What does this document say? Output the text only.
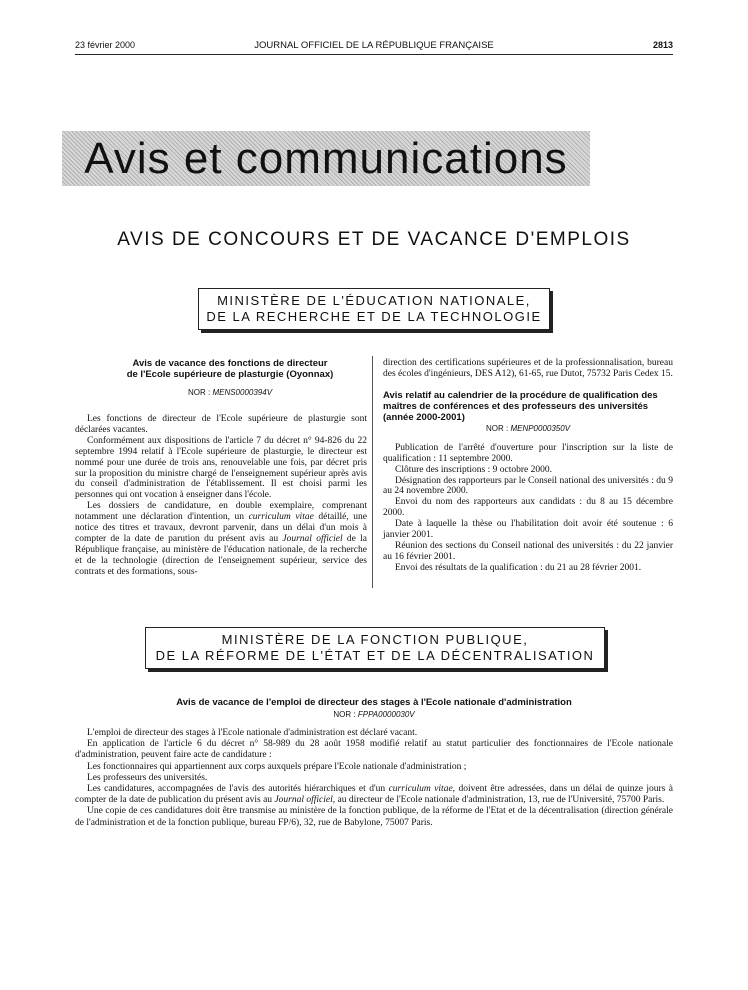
23 février 2000	JOURNAL OFFICIEL DE LA RÉPUBLIQUE FRANÇAISE	2813
Avis et communications
AVIS DE CONCOURS ET DE VACANCE D'EMPLOIS
MINISTÈRE DE L'ÉDUCATION NATIONALE,
DE LA RECHERCHE ET DE LA TECHNOLOGIE
Avis de vacance des fonctions de directeur
de l'Ecole supérieure de plasturgie (Oyonnax)
NOR : MENS0000394V

Les fonctions de directeur de l'Ecole supérieure de plasturgie sont déclarées vacantes.

Conformément aux dispositions de l'article 7 du décret n° 94-826 du 22 septembre 1994 relatif à l'Ecole supérieure de plasturgie, le directeur est nommé pour une durée de trois ans, renouvelable une fois, par décret pris sur la proposition du ministre chargé de l'enseignement supérieur après avis du conseil d'administration de l'établissement. Il est choisi parmi les personnes qui ont vocation à enseigner dans l'école.

Les dossiers de candidature, en double exemplaire, comprenant notamment une déclaration d'intention, un curriculum vitae détaillé, une notice des titres et travaux, devront parvenir, dans un délai d'un mois à compter de la date de parution du présent avis au Journal officiel de la République française, au ministère de l'éducation nationale, de la recherche et de la technologie (direction de l'enseignement supérieur, service des contrats et des formations, sous-

direction des certifications supérieures et de la professionnalisation, bureau des écoles d'ingénieurs, DES A12), 61-65, rue Dutot, 75732 Paris Cedex 15.

Avis relatif au calendrier de la procédure de qualification des maîtres de conférences et des professeurs des universités (année 2000-2001)
NOR : MENP0000350V

Publication de l'arrêté d'ouverture pour l'inscription sur la liste de qualification : 11 septembre 2000.

Clôture des inscriptions : 9 octobre 2000.

Désignation des rapporteurs par le Conseil national des universités : du 9 au 24 novembre 2000.

Envoi du nom des rapporteurs aux candidats : du 8 au 15 décembre 2000.

Date à laquelle la thèse ou l'habilitation doit avoir été soutenue : 6 janvier 2001.

Réunion des sections du Conseil national des universités : du 22 janvier au 16 février 2001.

Envoi des résultats de la qualification : du 21 au 28 février 2001.

MINISTÈRE DE LA FONCTION PUBLIQUE,
DE LA RÉFORME DE L'ÉTAT ET DE LA DÉCENTRALISATION
Avis de vacance de l'emploi de directeur des stages à l'Ecole nationale d'administration
NOR : FPPA0000030V

L'emploi de directeur des stages à l'Ecole nationale d'administration est déclaré vacant.

En application de l'article 6 du décret n° 58-989 du 28 août 1958 modifié relatif au statut particulier des fonctionnaires de l'Ecole nationale d'administration, peuvent faire acte de candidature :

Les fonctionnaires qui appartiennent aux corps auxquels prépare l'Ecole nationale d'administration ;

Les professeurs des universités.

Les candidatures, accompagnées de l'avis des autorités hiérarchiques et d'un curriculum vitae, doivent être adressées, dans un délai de quinze jours à compter de la date de publication du présent avis au Journal officiel, au directeur de l'Ecole nationale d'administration, 13, rue de l'Université, 75700 Paris.

Une copie de ces candidatures doit être transmise au ministère de la fonction publique, de la réforme de l'Etat et de la décentralisation (direction générale de l'administration et de la fonction publique, bureau FP/6), 32, rue de Babylone, 75007 Paris.
